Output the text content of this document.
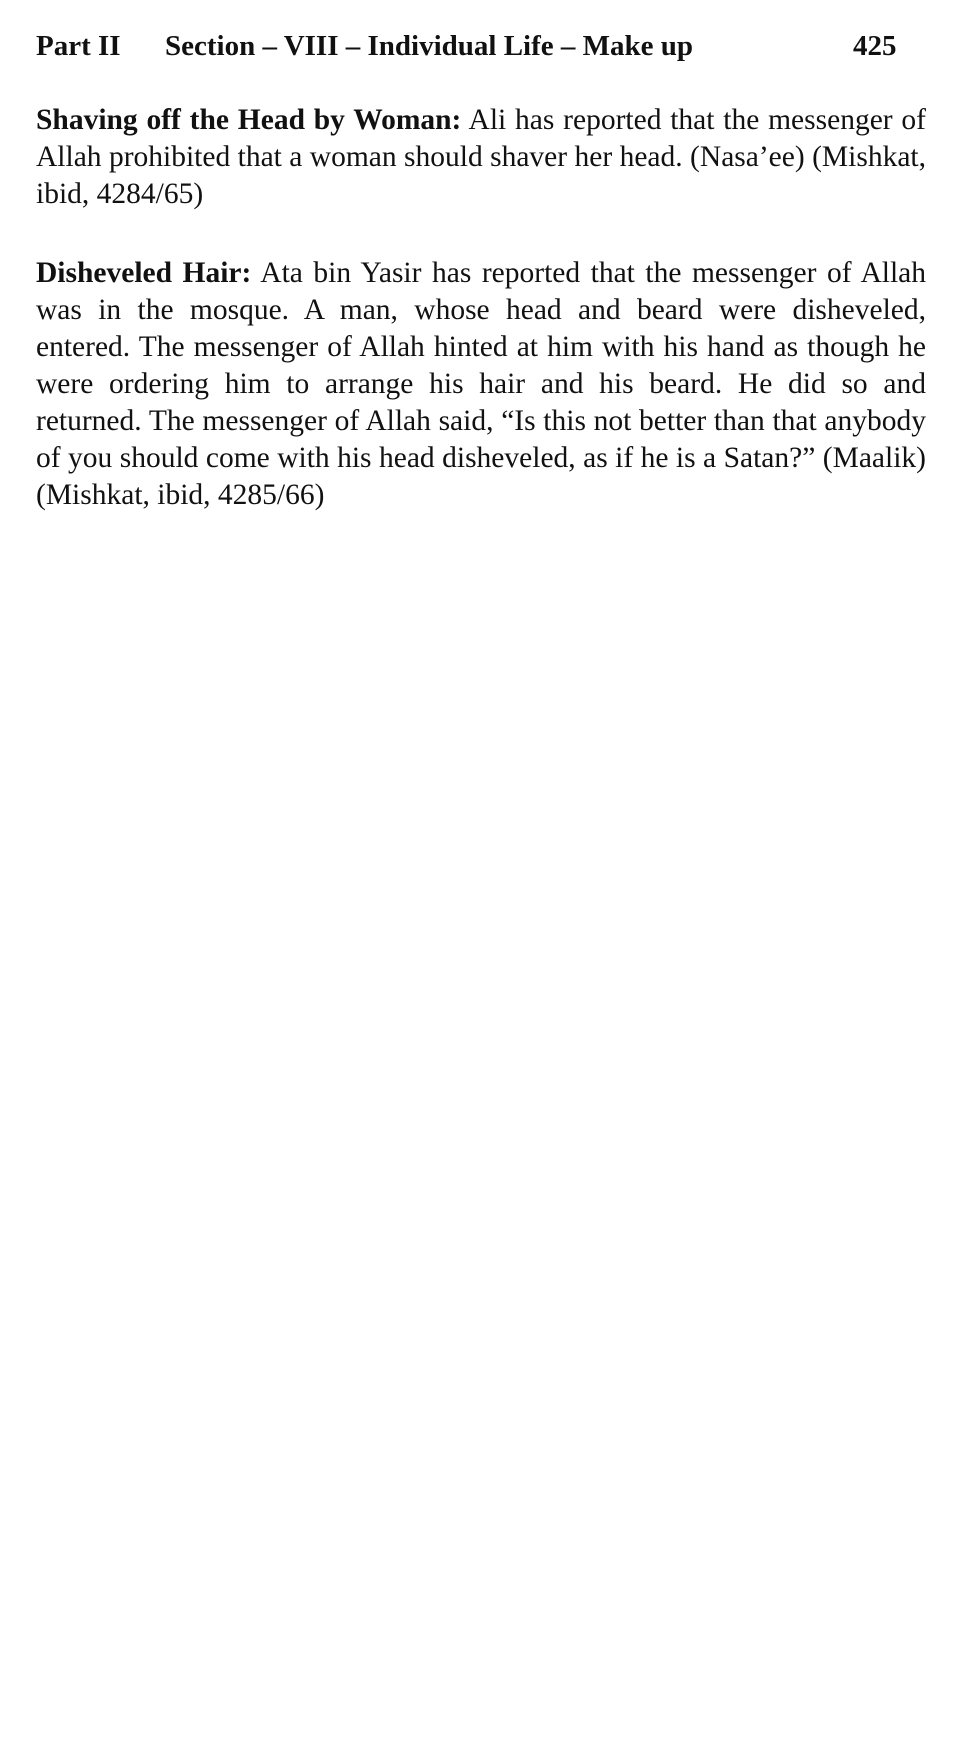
Part II Section – VIII – Individual Life – Make up	425

Shaving off the Head by Woman: Ali has reported that the messenger of Allah prohibited that a woman should shaver her head. (Nasa’ee) (Mishkat, ibid, 4284/65)

Disheveled Hair: Ata bin Yasir has reported that the messenger of Allah was in the mosque. A man, whose head and beard were disheveled, entered. The messenger of Allah hinted at him with his hand as though he were ordering him to arrange his hair and his beard. He did so and returned. The messenger of Allah said, “Is this not better than that anybody of you should come with his head disheveled, as if he is a Satan?” (Maalik) (Mishkat, ibid, 4285/66)
